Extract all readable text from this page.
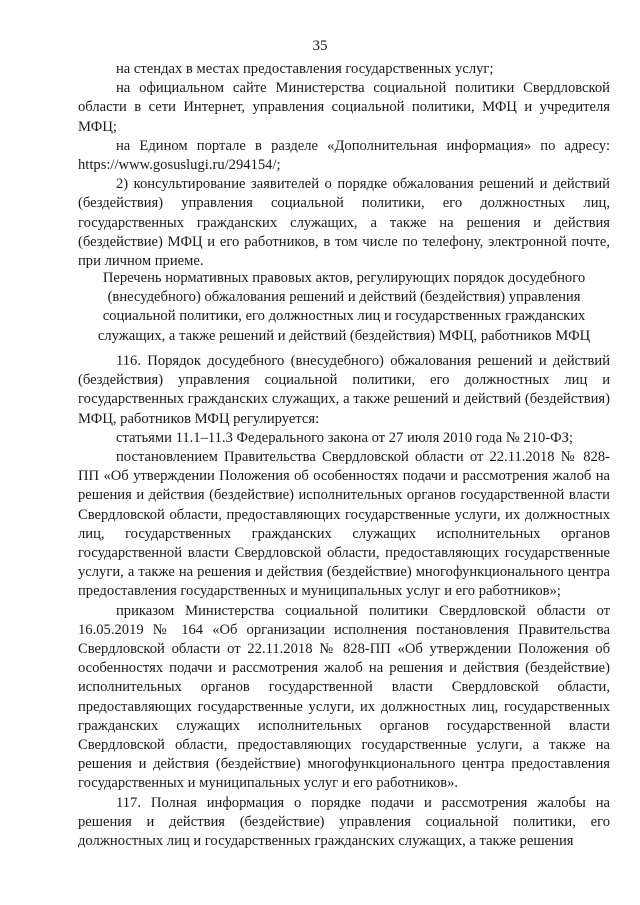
35

на стендах в местах предоставления государственных услуг;

на официальном сайте Министерства социальной политики Свердловской области в сети Интернет, управления социальной политики, МФЦ и учредителя МФЦ;

на Едином портале в разделе «Дополнительная информация» по адресу: https://www.gosuslugi.ru/294154/;

2) консультирование заявителей о порядке обжалования решений и действий (бездействия) управления социальной политики, его должностных лиц, государственных гражданских служащих, а также на решения и действия (бездействие) МФЦ и его работников, в том числе по телефону, электронной почте, при личном приеме.

Перечень нормативных правовых актов, регулирующих порядок досудебного (внесудебного) обжалования решений и действий (бездействия) управления социальной политики, его должностных лиц и государственных гражданских служащих, а также решений и действий (бездействия) МФЦ, работников МФЦ

116. Порядок досудебного (внесудебного) обжалования решений и действий (бездействия) управления социальной политики, его должностных лиц и государственных гражданских служащих, а также решений и действий (бездействия) МФЦ, работников МФЦ регулируется:

статьями 11.1–11.3 Федерального закона от 27 июля 2010 года № 210-ФЗ;

постановлением Правительства Свердловской области от 22.11.2018 № 828-ПП «Об утверждении Положения об особенностях подачи и рассмотрения жалоб на решения и действия (бездействие) исполнительных органов государственной власти Свердловской области, предоставляющих государственные услуги, их должностных лиц, государственных гражданских служащих исполнительных органов государственной власти Свердловской области, предоставляющих государственные услуги, а также на решения и действия (бездействие) многофункционального центра предоставления государственных и муниципальных услуг и его работников»;

приказом Министерства социальной политики Свердловской области от 16.05.2019 № 164 «Об организации исполнения постановления Правительства Свердловской области от 22.11.2018 № 828-ПП «Об утверждении Положения об особенностях подачи и рассмотрения жалоб на решения и действия (бездействие) исполнительных органов государственной власти Свердловской области, предоставляющих государственные услуги, их должностных лиц, государственных гражданских служащих исполнительных органов государственной власти Свердловской области, предоставляющих государственные услуги, а также на решения и действия (бездействие) многофункционального центра предоставления государственных и муниципальных услуг и его работников».

117. Полная информация о порядке подачи и рассмотрения жалобы на решения и действия (бездействие) управления социальной политики, его должностных лиц и государственных гражданских служащих, а также решения
